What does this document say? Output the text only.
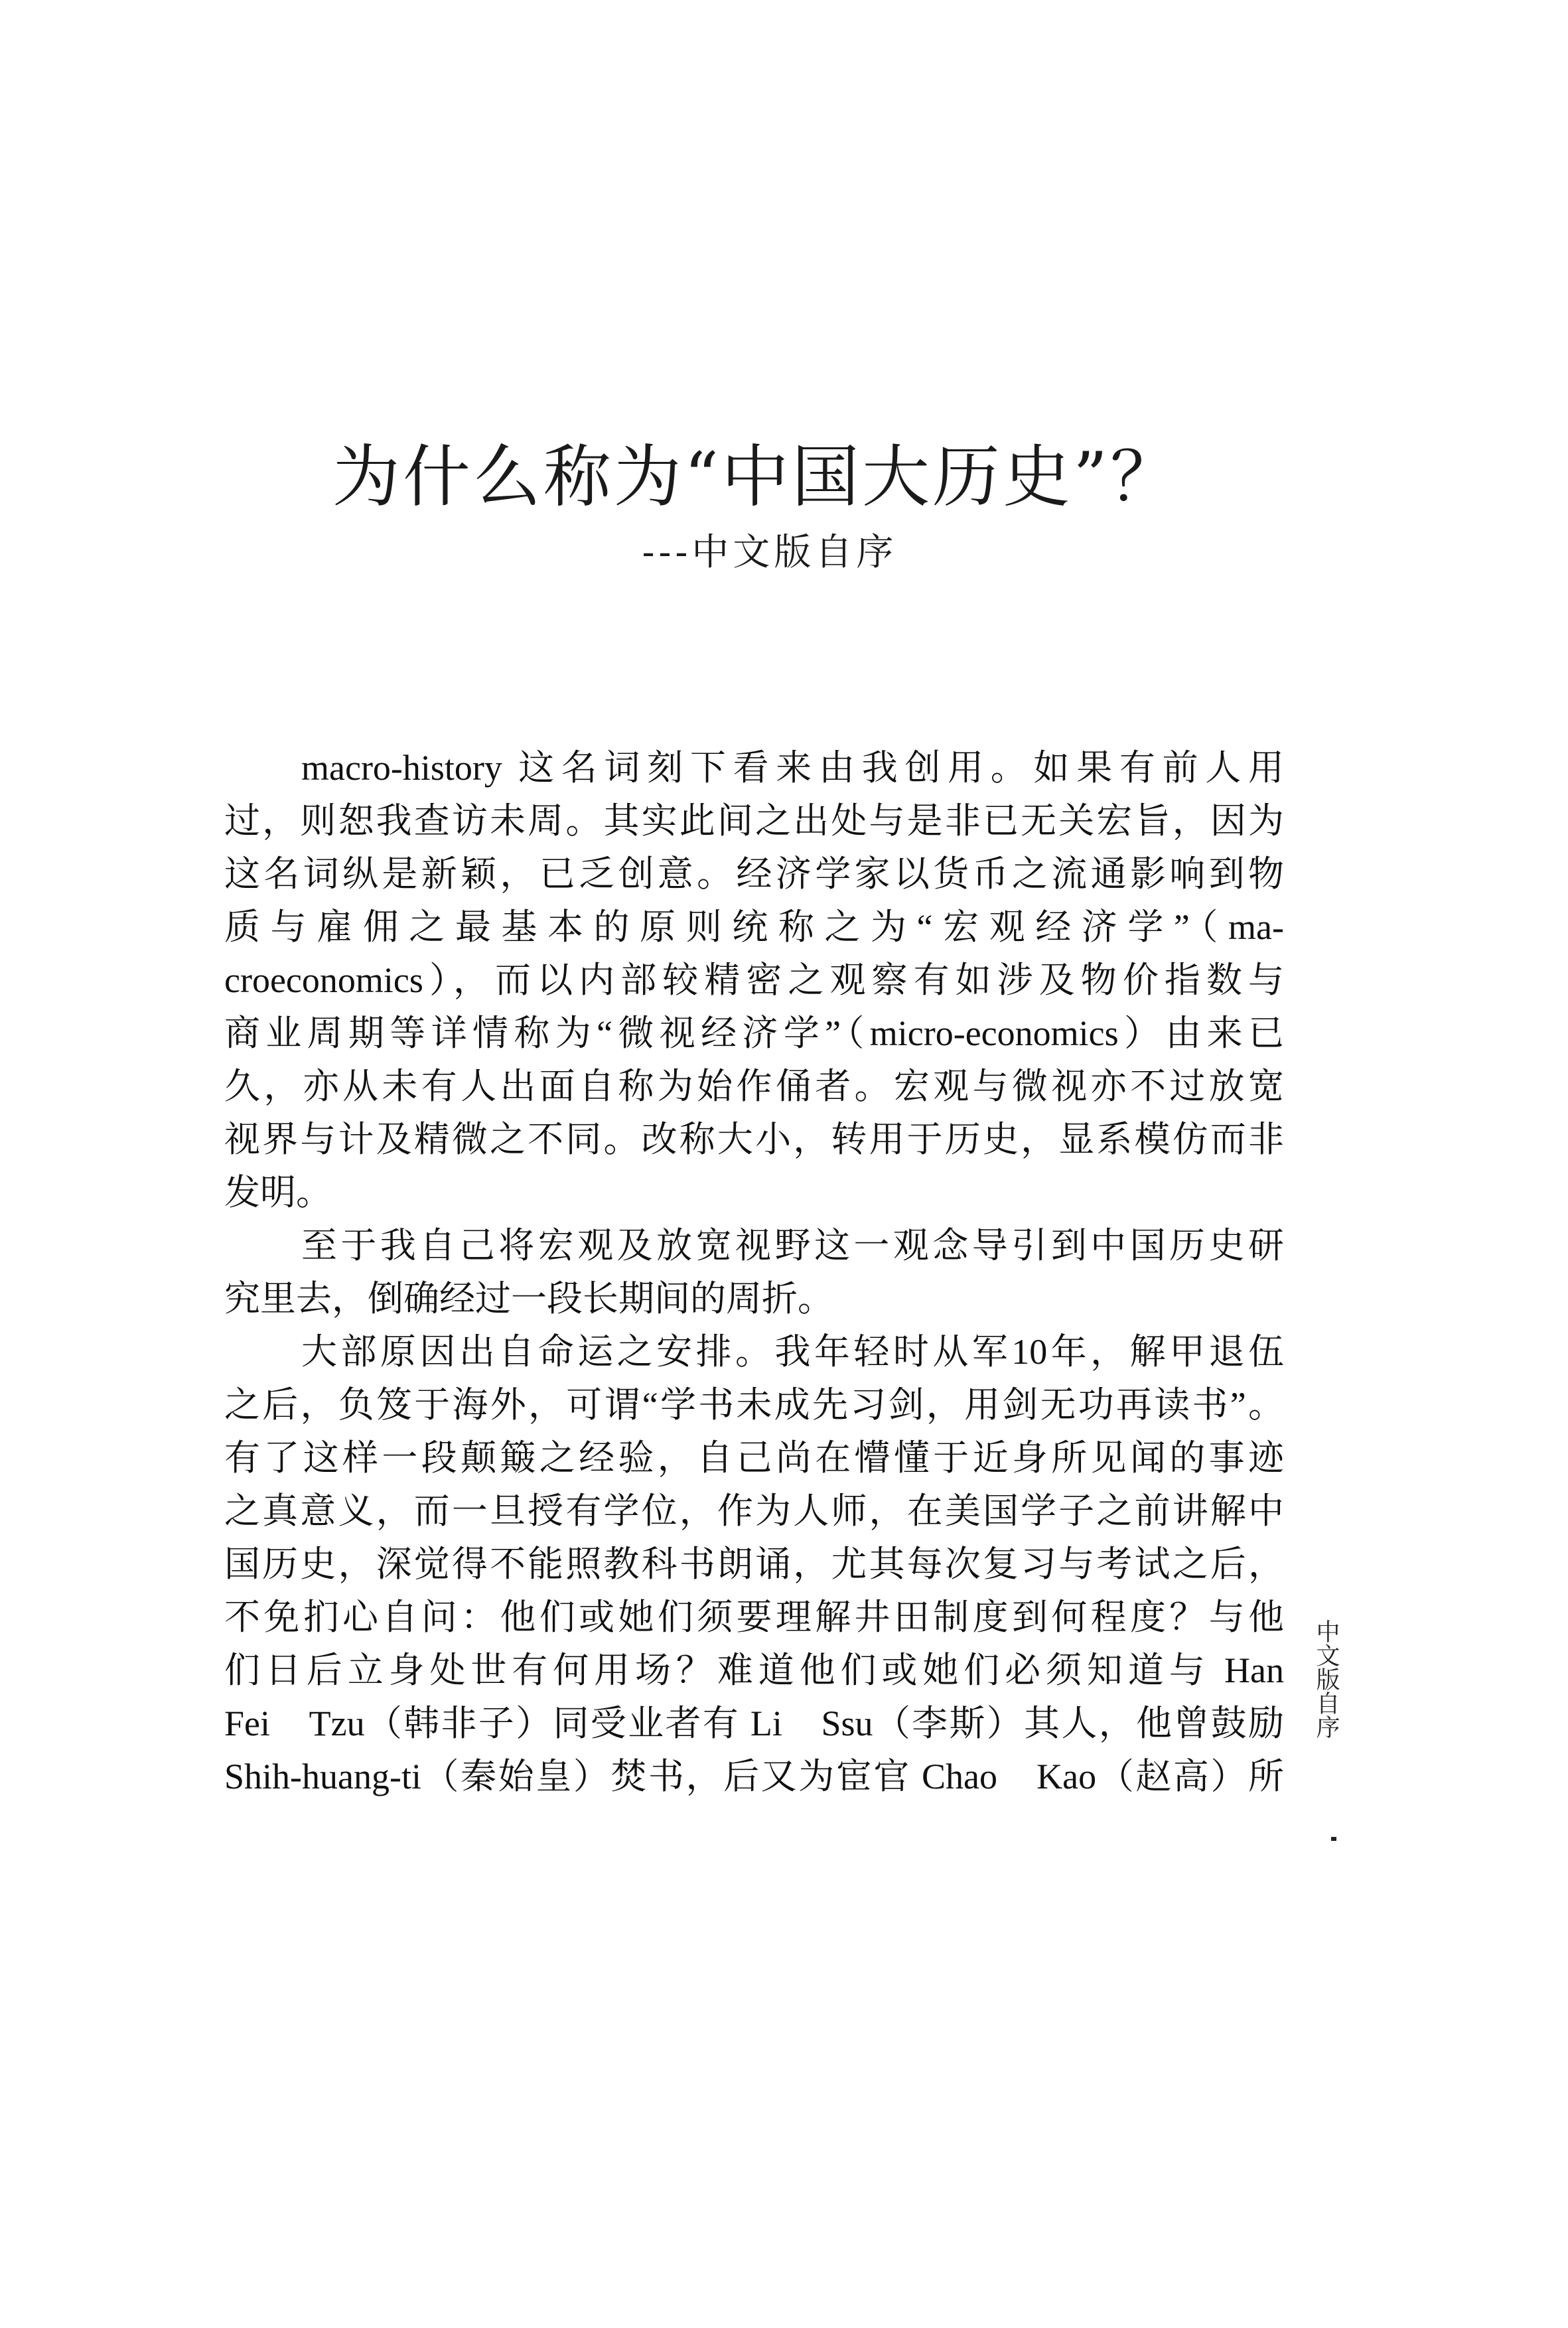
为什么称为“中国大历史”？
---中文版自序
macro-history 这名词刻下看来由我创用。如果有前人用
过，则恕我查访未周。其实此间之出处与是非已无关宏旨，因为
这名词纵是新颖，已乏创意。经济学家以货币之流通影响到物
质与雇佣之最基本的原则统称之为“宏观经济学”（ma-
croeconomics），而以内部较精密之观察有如涉及物价指数与
商业周期等详情称为“微视经济学”（micro-economics）由来已
久，亦从未有人出面自称为始作俑者。宏观与微视亦不过放宽
视界与计及精微之不同。改称大小，转用于历史，显系模仿而非
发明。
至于我自己将宏观及放宽视野这一观念导引到中国历史研
究里去，倒确经过一段长期间的周折。
大部原因出自命运之安排。我年轻时从军10年，解甲退伍
之后，负笈于海外，可谓“学书未成先习剑，用剑无功再读书”。
有了这样一段颠簸之经验，自己尚在懵懂于近身所见闻的事迹
之真意义，而一旦授有学位，作为人师，在美国学子之前讲解中
国历史，深觉得不能照教科书朗诵，尤其每次复习与考试之后，
不免扪心自问：他们或她们须要理解井田制度到何程度？与他
们日后立身处世有何用场？难道他们或她们必须知道与 Han
Fei　Tzu（韩非子）同受业者有 Li　Ssu（李斯）其人，他曾鼓励
Shih-huang-ti（秦始皇）焚书，后又为宦官 Chao　Kao（赵高）所
中文版自序
